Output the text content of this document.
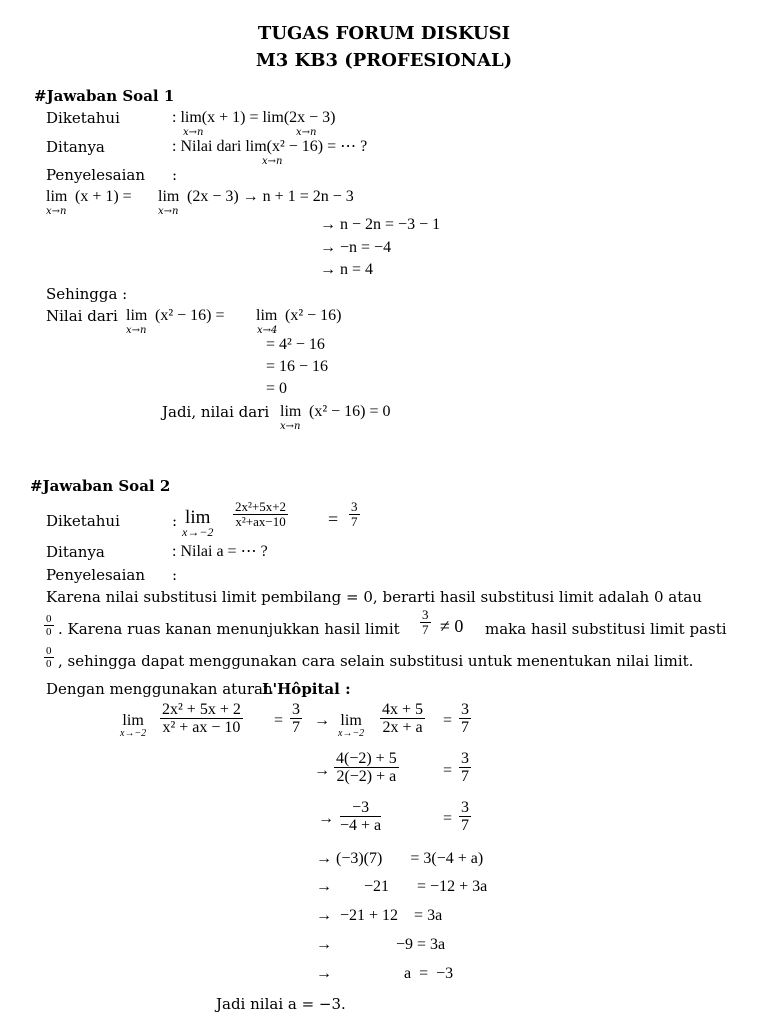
TUGAS FORUM DISKUSI
M3 KB3 (PROFESIONAL)
#Jawaban Soal 1
Diketahui	: lim(x + 1) = lim(2x − 3)
x→n	x→n
Ditanya	: Nilai dari lim(x² − 16) = ⋯ ?
x→n
Penyelesaian :
lim (x + 1) = lim (2x − 3) → n + 1 = 2n − 3
x→n	x→n
→ n − 2n = −3 − 1
→ −n = −4
→ n = 4
Sehingga :
Nilai dari lim (x² − 16) = lim (x² − 16)
x→n	x→4
= 4² − 16
= 16 − 16
= 0
Jadi, nilai dari lim (x² − 16) = 0
x→n
#Jawaban Soal 2
Diketahui	: lim
x→−2
$\frac{\text{2x²+5x+2}}{\text{x²+ax−10}} = \frac{3}{7}$
Ditanya	: Nilai a = ⋯ ?
Penyelesaian :
Karena nilai substitusi limit pembilang = 0, berarti hasil substitusi limit adalah 0 atau
$\frac{0}{0}$ . Karena ruas kanan menunjukkan hasil limit $\frac{3}{7} \ne 0$ maka hasil substitusi limit pasti
$\frac{0}{0}$ , sehingga dapat menggunakan cara selain substitusi untuk menentukan nilai limit.
Dengan menggunakan aturan
L'Hôpital :
lim
$x\to-2 \frac{\text{2x² + 5x + 2}}{\text{x² + ax − 10}} = \frac{3}{7} \to \lim$
$x\to-2 \frac{4x + 5}{2x + a} = \frac{3}{7}$
→ $\frac{4(-2) + 5}{2(-2) + a}$	= $\frac{3}{7}$
→ $\frac{-3}{-4 + a}$	= $\frac{3}{7}$
→ (−3)(7)       = 3(−4 + a)
→        −21       = −12 + 3a
→  −21 + 12    = 3a
→                −9 = 3a
→                  a  =  −3
Jadi nilai a = −3.
